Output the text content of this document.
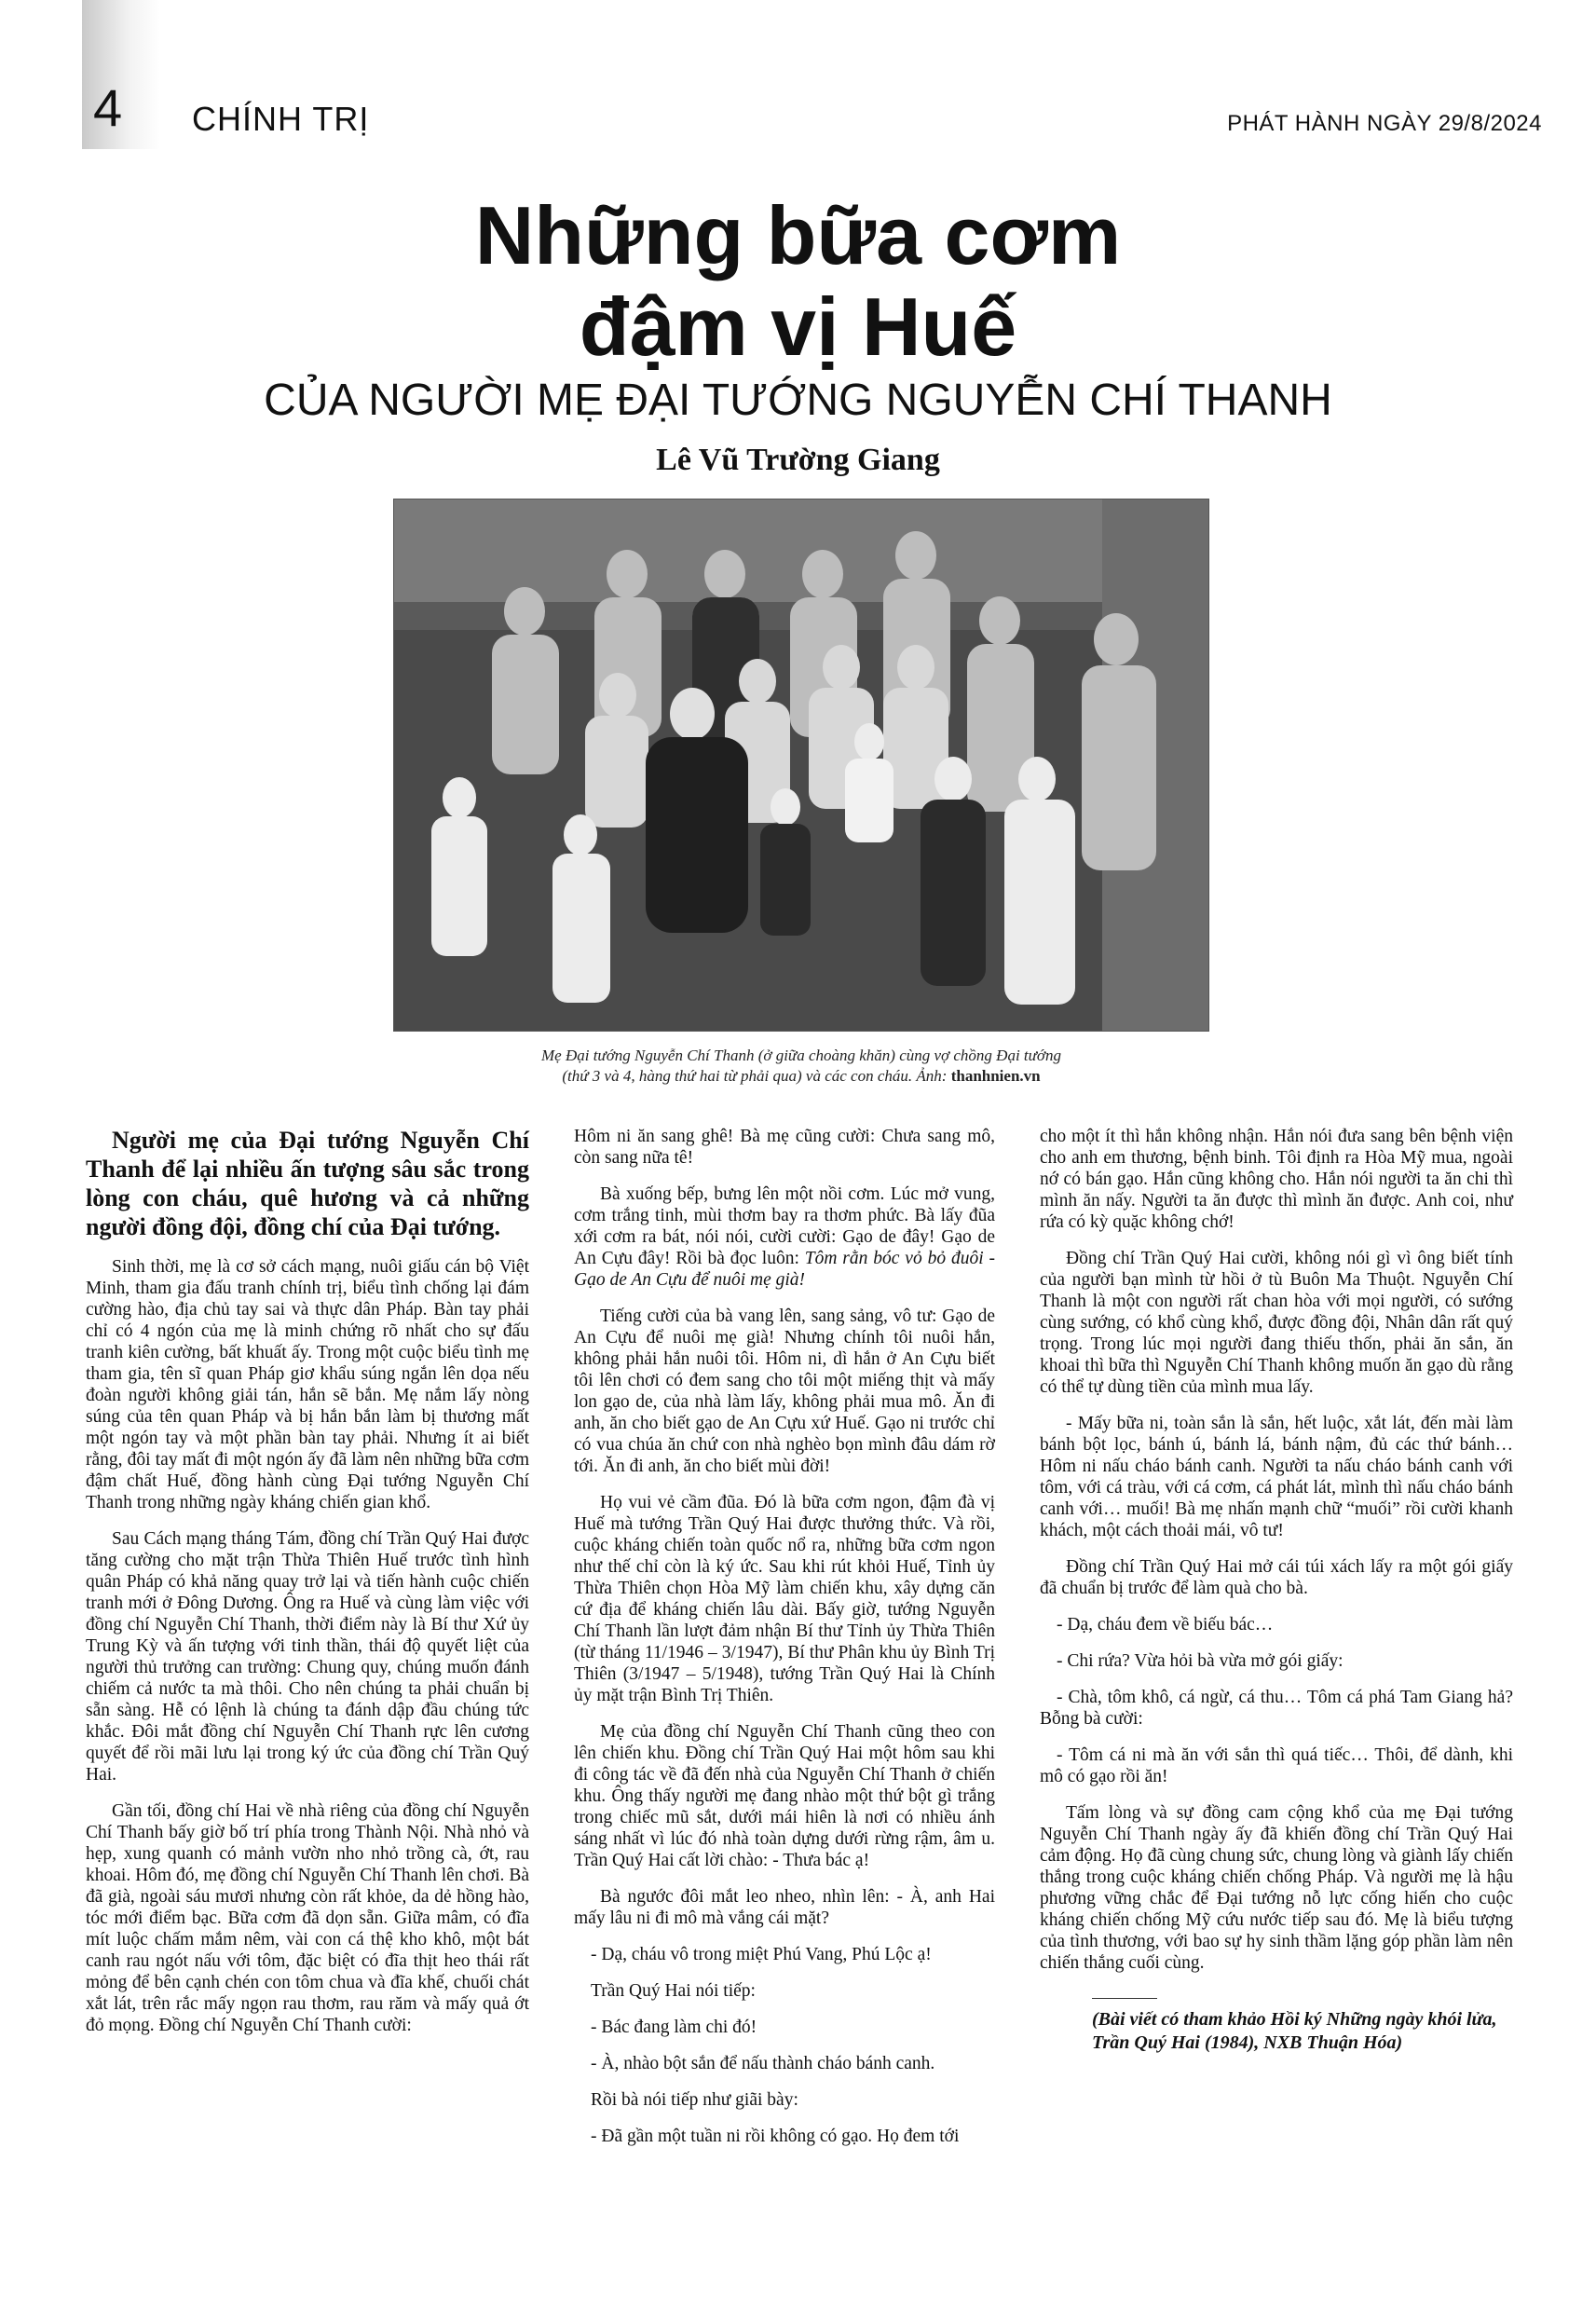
4 CHÍNH TRỊ	PHÁT HÀNH NGÀY 29/8/2024
Những bữa cơm
đậm vị Huế
CỦA NGƯỜI MẸ ĐẠI TƯỚNG NGUYỄN CHÍ THANH
Lê Vũ Trường Giang
Mẹ Đại tướng Nguyễn Chí Thanh (ở giữa choàng khăn) cùng vợ chồng Đại tướng
(thứ 3 và 4, hàng thứ hai từ phải qua) và các con cháu. Ảnh: thanhnien.vn

Người mẹ của Đại tướng Nguyễn Chí Thanh để lại nhiều ấn tượng sâu sắc trong lòng con cháu, quê hương và cả những người đồng đội, đồng chí của Đại tướng.

Sinh thời, mẹ là cơ sở cách mạng, nuôi giấu cán bộ Việt Minh, tham gia đấu tranh chính trị, biểu tình chống lại đám cường hào, địa chủ tay sai và thực dân Pháp. Bàn tay phải chỉ có 4 ngón của mẹ là minh chứng rõ nhất cho sự đấu tranh kiên cường, bất khuất ấy. Trong một cuộc biểu tình mẹ tham gia, tên sĩ quan Pháp giơ khẩu súng ngắn lên dọa nếu đoàn người không giải tán, hắn sẽ bắn. Mẹ nắm lấy nòng súng của tên quan Pháp và bị hắn bắn làm bị thương mất một ngón tay và một phần bàn tay phải. Nhưng ít ai biết rằng, đôi tay mất đi một ngón ấy đã làm nên những bữa cơm đậm chất Huế, đồng hành cùng Đại tướng Nguyễn Chí Thanh trong những ngày kháng chiến gian khổ.

Sau Cách mạng tháng Tám, đồng chí Trần Quý Hai được tăng cường cho mặt trận Thừa Thiên Huế trước tình hình quân Pháp có khả năng quay trở lại và tiến hành cuộc chiến tranh mới ở Đông Dương. Ông ra Huế và cùng làm việc với đồng chí Nguyễn Chí Thanh, thời điểm này là Bí thư Xứ ủy Trung Kỳ và ấn tượng với tinh thần, thái độ quyết liệt của người thủ trưởng can trường: Chung quy, chúng muốn đánh chiếm cả nước ta mà thôi. Cho nên chúng ta phải chuẩn bị sẵn sàng. Hễ có lệnh là chúng ta đánh dập đầu chúng tức khắc. Đôi mắt đồng chí Nguyễn Chí Thanh rực lên cương quyết để rồi mãi lưu lại trong ký ức của đồng chí Trần Quý Hai.

Gần tối, đồng chí Hai về nhà riêng của đồng chí Nguyễn Chí Thanh bấy giờ bố trí phía trong Thành Nội. Nhà nhỏ và hẹp, xung quanh có mảnh vườn nho nhỏ trồng cà, ớt, rau khoai. Hôm đó, mẹ đồng chí Nguyễn Chí Thanh lên chơi. Bà đã già, ngoài sáu mươi nhưng còn rất khỏe, da dẻ hồng hào, tóc mới điểm bạc. Bữa cơm đã dọn sẵn. Giữa mâm, có đĩa mít luộc chấm mắm nêm, vài con cá thệ kho khô, một bát canh rau ngót nấu với tôm, đặc biệt có đĩa thịt heo thái rất mỏng để bên cạnh chén con tôm chua và đĩa khế, chuối chát xắt lát, trên rắc mấy ngọn rau thơm, rau răm và mấy quả ớt đỏ mọng. Đồng chí Nguyễn Chí Thanh cười:

Hôm ni ăn sang ghê! Bà mẹ cũng cười: Chưa sang mô, còn sang nữa tê!

Bà xuống bếp, bưng lên một nồi cơm. Lúc mở vung, cơm trắng tinh, mùi thơm bay ra thơm phức. Bà lấy đũa xới cơm ra bát, nói nói, cười cười: Gạo de đây! Gạo de An Cựu đây! Rồi bà đọc luôn: Tôm rằn bóc vỏ bỏ đuôi - Gạo de An Cựu để nuôi mẹ già!

Tiếng cười của bà vang lên, sang sảng, vô tư: Gạo de An Cựu để nuôi mẹ già! Nhưng chính tôi nuôi hắn, không phải hắn nuôi tôi. Hôm ni, dì hắn ở An Cựu biết tôi lên chơi có đem sang cho tôi một miếng thịt và mấy lon gạo de, của nhà làm lấy, không phải mua mô. Ăn đi anh, ăn cho biết gạo de An Cựu xứ Huế. Gạo ni trước chỉ có vua chúa ăn chứ con nhà nghèo bọn mình đâu dám rờ tới. Ăn đi anh, ăn cho biết mùi đời!

Họ vui vẻ cầm đũa. Đó là bữa cơm ngon, đậm đà vị Huế mà tướng Trần Quý Hai được thưởng thức. Và rồi, cuộc kháng chiến toàn quốc nổ ra, những bữa cơm ngon như thế chỉ còn là ký ức. Sau khi rút khỏi Huế, Tỉnh ủy Thừa Thiên chọn Hòa Mỹ làm chiến khu, xây dựng căn cứ địa để kháng chiến lâu dài. Bấy giờ, tướng Nguyễn Chí Thanh lần lượt đảm nhận Bí thư Tỉnh ủy Thừa Thiên (từ tháng 11/1946 – 3/1947), Bí thư Phân khu ủy Bình Trị Thiên (3/1947 – 5/1948), tướng Trần Quý Hai là Chính ủy mặt trận Bình Trị Thiên.

Mẹ của đồng chí Nguyễn Chí Thanh cũng theo con lên chiến khu. Đồng chí Trần Quý Hai một hôm sau khi đi công tác về đã đến nhà của Nguyễn Chí Thanh ở chiến khu. Ông thấy người mẹ đang nhào một thứ bột gì trắng trong chiếc mũ sắt, dưới mái hiên là nơi có nhiều ánh sáng nhất vì lúc đó nhà toàn dựng dưới rừng rậm, âm u. Trần Quý Hai cất lời chào: - Thưa bác ạ!

Bà ngước đôi mắt leo nheo, nhìn lên: - À, anh Hai mấy lâu ni đi mô mà vắng cái mặt?

- Dạ, cháu vô trong miệt Phú Vang, Phú Lộc ạ!

Trần Quý Hai nói tiếp:

- Bác đang làm chi đó!

- À, nhào bột sắn để nấu thành cháo bánh canh.

Rồi bà nói tiếp như giãi bày:

- Đã gần một tuần ni rồi không có gạo. Họ đem tới

cho một ít thì hắn không nhận. Hắn nói đưa sang bên bệnh viện cho anh em thương, bệnh binh. Tôi định ra Hòa Mỹ mua, ngoài nớ có bán gạo. Hắn cũng không cho. Hắn nói người ta ăn chi thì mình ăn nấy. Người ta ăn được thì mình ăn được. Anh coi, như rứa có kỳ quặc không chớ!

Đồng chí Trần Quý Hai cười, không nói gì vì ông biết tính của người bạn mình từ hồi ở tù Buôn Ma Thuột. Nguyễn Chí Thanh là một con người rất chan hòa với mọi người, có sướng cùng sướng, có khổ cùng khổ, được đồng đội, Nhân dân rất quý trọng. Trong lúc mọi người đang thiếu thốn, phải ăn sắn, ăn khoai thì bữa thì Nguyễn Chí Thanh không muốn ăn gạo dù rằng có thể tự dùng tiền của mình mua lấy.

- Mấy bữa ni, toàn sắn là sắn, hết luộc, xắt lát, đến mài làm bánh bột lọc, bánh ú, bánh lá, bánh nậm, đủ các thứ bánh… Hôm ni nấu cháo bánh canh. Người ta nấu cháo bánh canh với tôm, với cá tràu, với cá cơm, cá phát lát, mình thì nấu cháo bánh canh với… muối! Bà mẹ nhấn mạnh chữ “muối” rồi cười khanh khách, một cách thoải mái, vô tư!

Đồng chí Trần Quý Hai mở cái túi xách lấy ra một gói giấy đã chuẩn bị trước để làm quà cho bà.

- Dạ, cháu đem về biếu bác…

- Chi rứa? Vừa hỏi bà vừa mở gói giấy:

- Chà, tôm khô, cá ngừ, cá thu… Tôm cá phá Tam Giang hả? Bỗng bà cười:

- Tôm cá ni mà ăn với sắn thì quá tiếc… Thôi, để dành, khi mô có gạo rồi ăn!

Tấm lòng và sự đồng cam cộng khổ của mẹ Đại tướng Nguyễn Chí Thanh ngày ấy đã khiến đồng chí Trần Quý Hai cảm động. Họ đã cùng chung sức, chung lòng và giành lấy chiến thắng trong cuộc kháng chiến chống Pháp. Và người mẹ là hậu phương vững chắc để Đại tướng nỗ lực cống hiến cho cuộc kháng chiến chống Mỹ cứu nước tiếp sau đó. Mẹ là biểu tượng của tình thương, với bao sự hy sinh thầm lặng góp phần làm nên chiến thắng cuối cùng.

(Bài viết có tham khảo Hồi ký Những ngày khói lửa, Trần Quý Hai (1984), NXB Thuận Hóa)
